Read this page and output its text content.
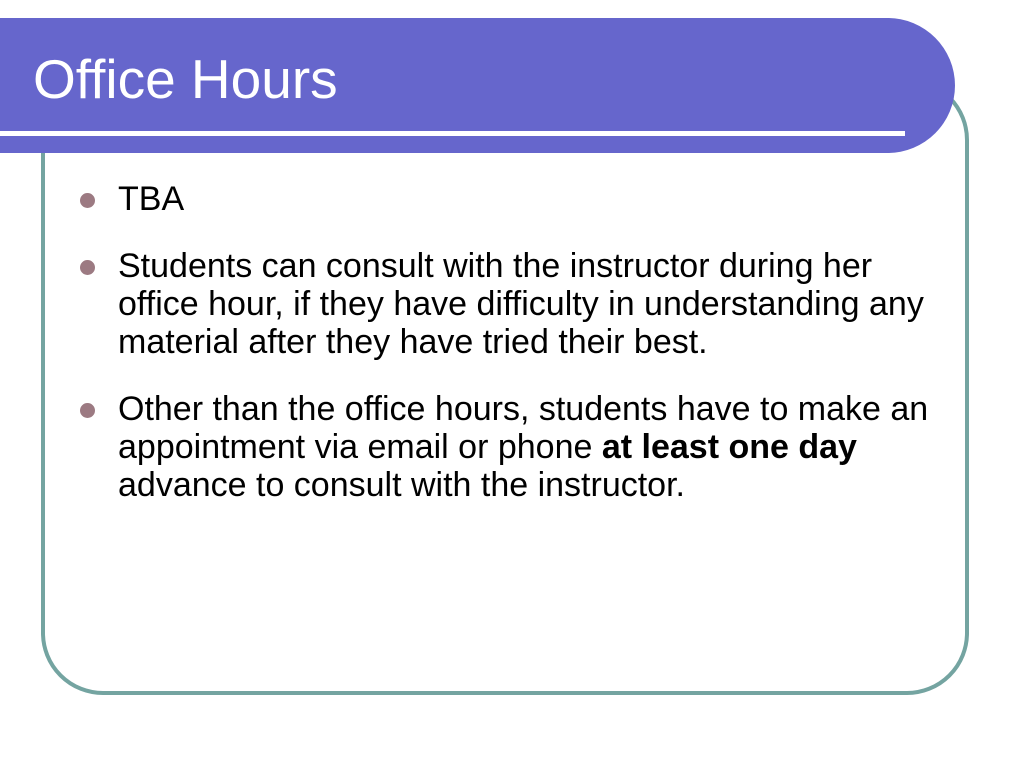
Office Hours
TBA
Students can consult with the instructor during her office hour, if they have difficulty in understanding any material after they have tried their best.
Other than the office hours, students have to make an appointment via email or phone at least one day advance to consult with the instructor.
